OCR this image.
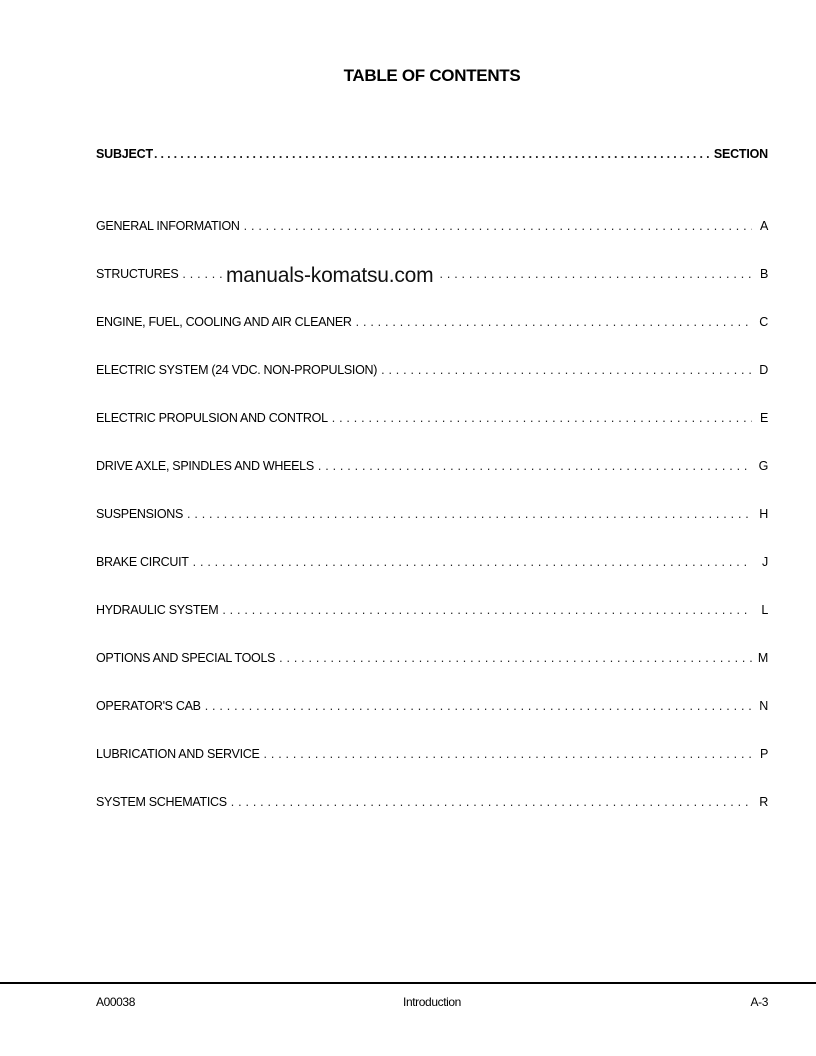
TABLE OF CONTENTS
SUBJECT .....	SECTION
GENERAL INFORMATION . . .	A
STRUCTURES . . .	B
ENGINE, FUEL, COOLING AND AIR CLEANER . . .	C
ELECTRIC SYSTEM (24 VDC. NON-PROPULSION) . . .	D
ELECTRIC PROPULSION AND CONTROL . . .	E
DRIVE AXLE, SPINDLES AND WHEELS . . .	G
SUSPENSIONS . . .	H
BRAKE CIRCUIT . . .	J
HYDRAULIC SYSTEM . . .	L
OPTIONS AND SPECIAL TOOLS . . .	M
OPERATOR'S CAB . . .	N
LUBRICATION AND SERVICE . . .	P
SYSTEM SCHEMATICS . . .	R
manuals-komatsu.com
A00038	Introduction	A-3
